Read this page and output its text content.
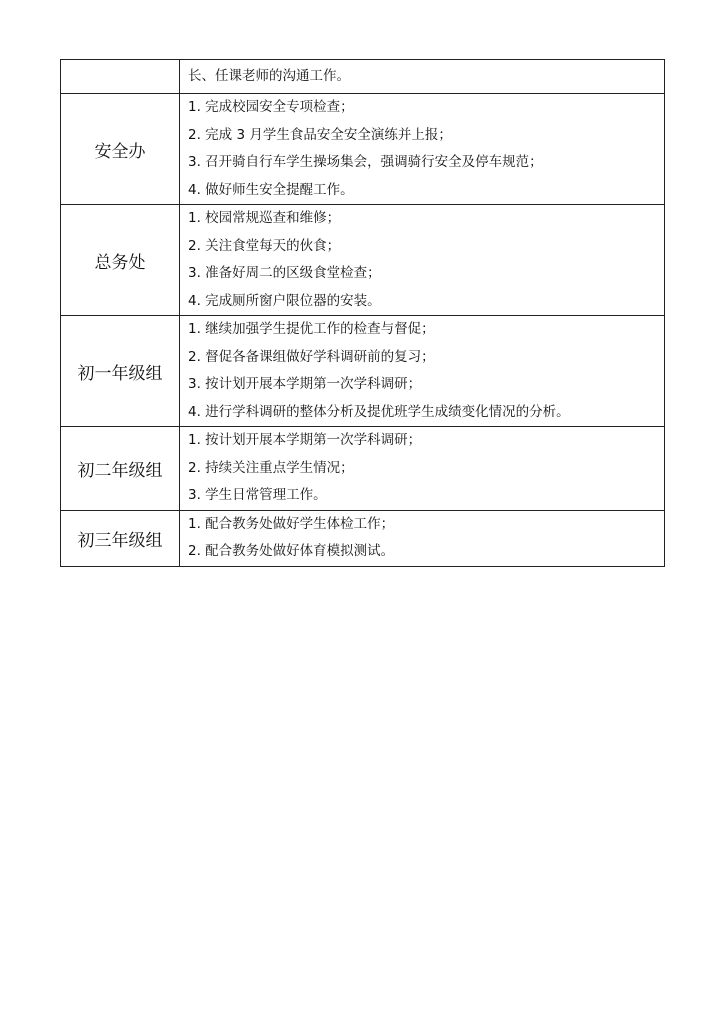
	长、任课老师的沟通工作。

安全办	1. 完成校园安全专项检查；
2. 完成 3 月学生食品安全安全演练并上报；
3. 召开骑自行车学生操场集会，强调骑行安全及停车规范；
4. 做好师生安全提醒工作。

总务处	1. 校园常规巡查和维修；
2. 关注食堂每天的伙食；
3. 准备好周二的区级食堂检查；
4. 完成厕所窗户限位器的安装。

初一年级组	1. 继续加强学生提优工作的检查与督促；
2. 督促各备课组做好学科调研前的复习；
3. 按计划开展本学期第一次学科调研；
4. 进行学科调研的整体分析及提优班学生成绩变化情况的分析。

初二年级组	1. 按计划开展本学期第一次学科调研；
2. 持续关注重点学生情况；
3. 学生日常管理工作。

初三年级组	1. 配合教务处做好学生体检工作；
2. 配合教务处做好体育模拟测试。
